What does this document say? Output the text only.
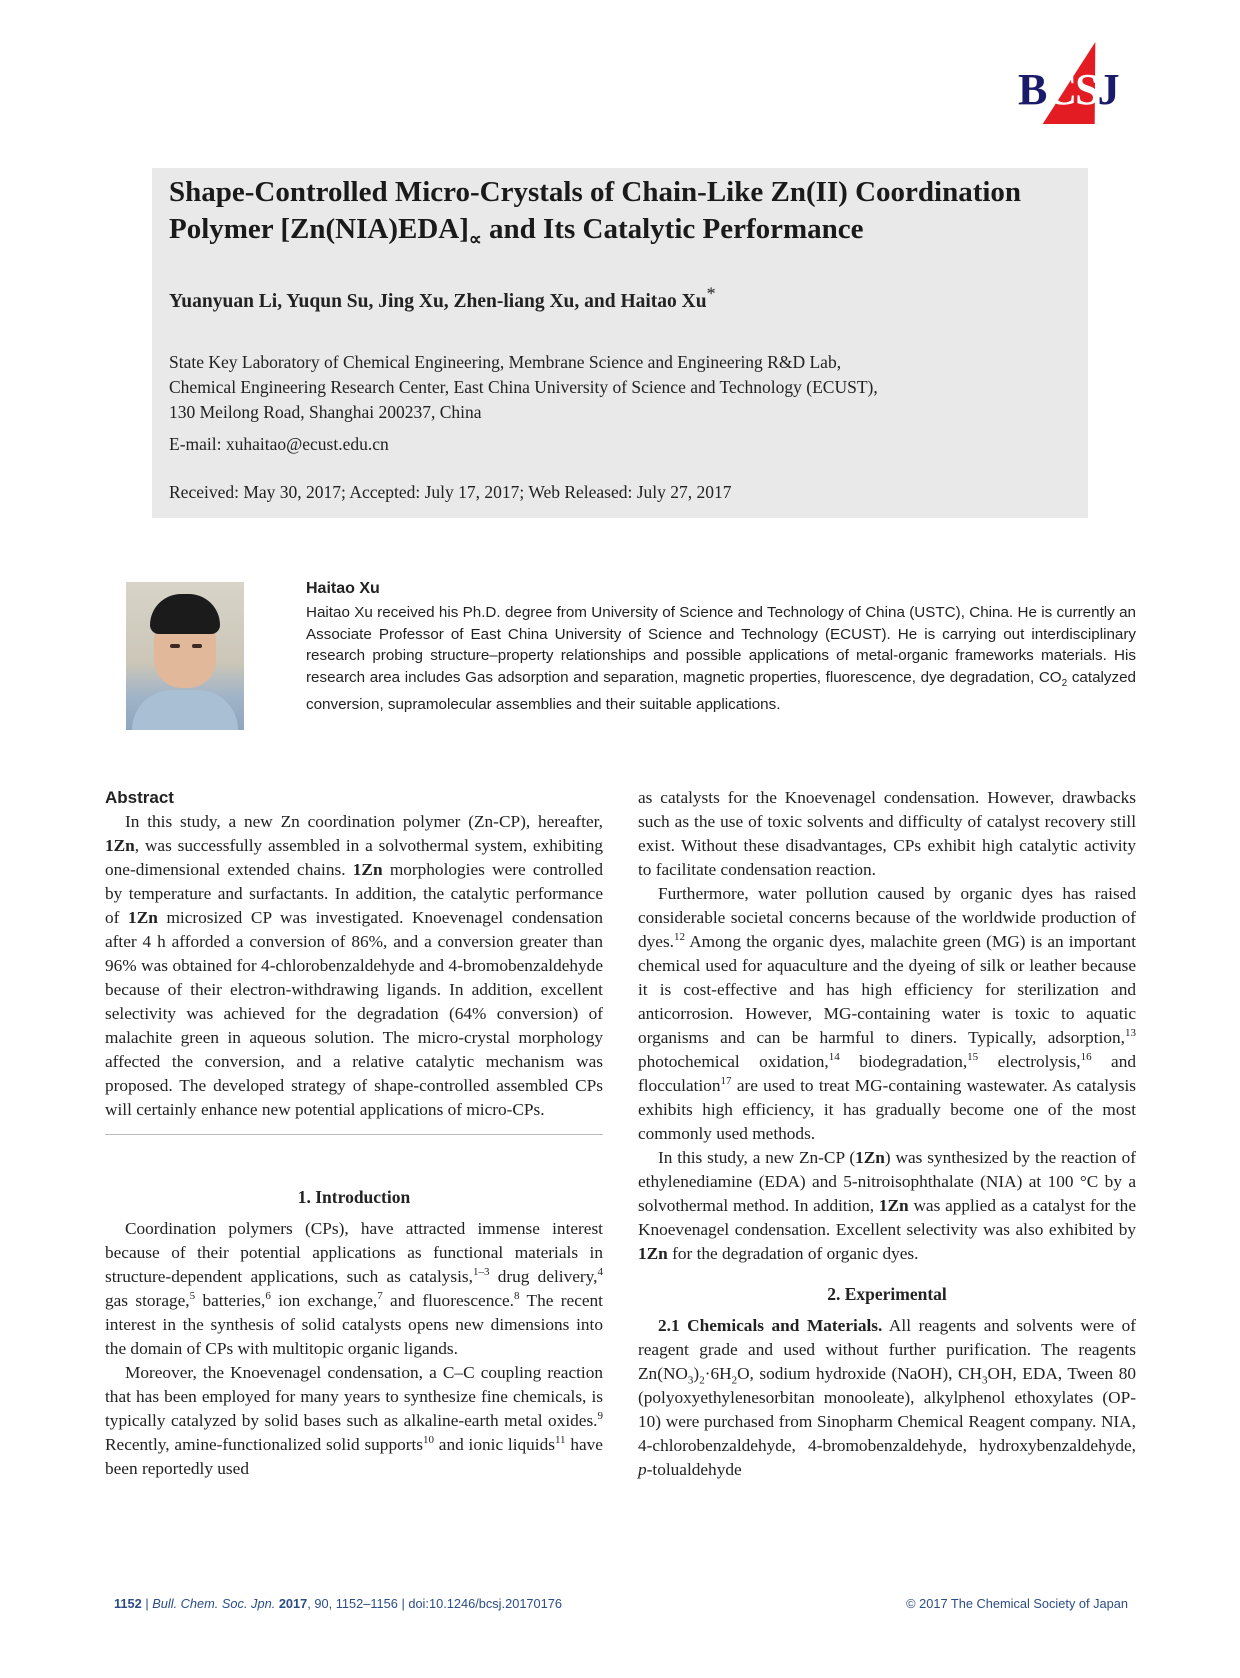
BCSJ
Shape-Controlled Micro-Crystals of Chain-Like Zn(II) Coordination
Polymer $[Zn(NIA)EDA]_\propto$ and Its Catalytic Performance
Yuanyuan Li, Yuqun Su, Jing Xu, Zhen-liang Xu, and Haitao Xu*
State Key Laboratory of Chemical Engineering, Membrane Science and Engineering R&D Lab,
Chemical Engineering Research Center, East China University of Science and Technology (ECUST),
130 Meilong Road, Shanghai 200237, China
E-mail: xuhaitao@ecust.edu.cn
Received: May 30, 2017; Accepted: July 17, 2017; Web Released: July 27, 2017
Haitao Xu

Haitao Xu received his Ph.D. degree from University of Science and Technology of China (USTC), China. He is currently an Associate Professor of East China University of Science and Technology (ECUST). He is carrying out interdisciplinary research probing structure–property relationships and possible applications of metal-organic frameworks materials. His research area includes Gas adsorption and separation, magnetic properties, fluorescence, dye degradation, $CO_2$ catalyzed conversion, supramolecular assemblies and their suitable applications.

Abstract

In this study, a new Zn coordination polymer (Zn-CP), hereafter, 1Zn, was successfully assembled in a solvothermal system, exhibiting one-dimensional extended chains. 1Zn morphologies were controlled by temperature and surfactants. In addition, the catalytic performance of 1Zn microsized CP was investigated. Knoevenagel condensation after 4 h afforded a conversion of 86%, and a conversion greater than 96% was obtained for 4-chlorobenzaldehyde and 4-bromobenzaldehyde because of their electron-withdrawing ligands. In addition, excellent selectivity was achieved for the degradation (64% conversion) of malachite green in aqueous solution. The micro-crystal morphology affected the conversion, and a relative catalytic mechanism was proposed. The developed strategy of shape-controlled assembled CPs will certainly enhance new potential applications of micro-CPs.

1. Introduction

Coordination polymers (CPs), have attracted immense interest because of their potential applications as functional materials in structure-dependent applications, such as catalysis,$^{1-3}$ drug delivery,$^4$ gas storage,$^5$ batteries,$^6$ ion exchange,$^7$ and fluorescence.$^8$ The recent interest in the synthesis of solid catalysts opens new dimensions into the domain of CPs with multitopic organic ligands.

Moreover, the Knoevenagel condensation, a C–C coupling reaction that has been employed for many years to synthesize fine chemicals, is typically catalyzed by solid bases such as alkaline-earth metal oxides.$^9$ Recently, amine-functionalized solid supports$^{10}$ and ionic liquids$^{11}$ have been reportedly used

as catalysts for the Knoevenagel condensation. However, drawbacks such as the use of toxic solvents and difficulty of catalyst recovery still exist. Without these disadvantages, CPs exhibit high catalytic activity to facilitate condensation reaction.

Furthermore, water pollution caused by organic dyes has raised considerable societal concerns because of the worldwide production of dyes.$^{12}$ Among the organic dyes, malachite green (MG) is an important chemical used for aquaculture and the dyeing of silk or leather because it is cost-effective and has high efficiency for sterilization and anticorrosion. However, MG-containing water is toxic to aquatic organisms and can be harmful to diners. Typically, adsorption,$^{13}$ photochemical oxidation,$^{14}$ biodegradation,$^{15}$ electrolysis,$^{16}$ and flocculation$^{17}$ are used to treat MG-containing wastewater. As catalysis exhibits high efficiency, it has gradually become one of the most commonly used methods.

In this study, a new Zn-CP (1Zn) was synthesized by the reaction of ethylenediamine (EDA) and 5-nitroisophthalate (NIA) at 100 °C by a solvothermal method. In addition, 1Zn was applied as a catalyst for the Knoevenagel condensation. Excellent selectivity was also exhibited by 1Zn for the degradation of organic dyes.

2. Experimental

2.1 Chemicals and Materials. All reagents and solvents were of reagent grade and used without further purification. The reagents $Zn(NO_3)_2\cdot 6H_2O$, sodium hydroxide (NaOH), $CH_3OH$, EDA, Tween 80 (polyoxyethylenesorbitan monooleate), alkylphenol ethoxylates (OP-10) were purchased from Sinopharm Chemical Reagent company. NIA, 4-chlorobenzaldehyde, 4-bromobenzaldehyde, hydroxybenzaldehyde, p-tolualdehyde

1152 | Bull. Chem. Soc. Jpn. 2017, 90, 1152–1156 | doi:10.1246/bcsj.20170176	© 2017 The Chemical Society of Japan
